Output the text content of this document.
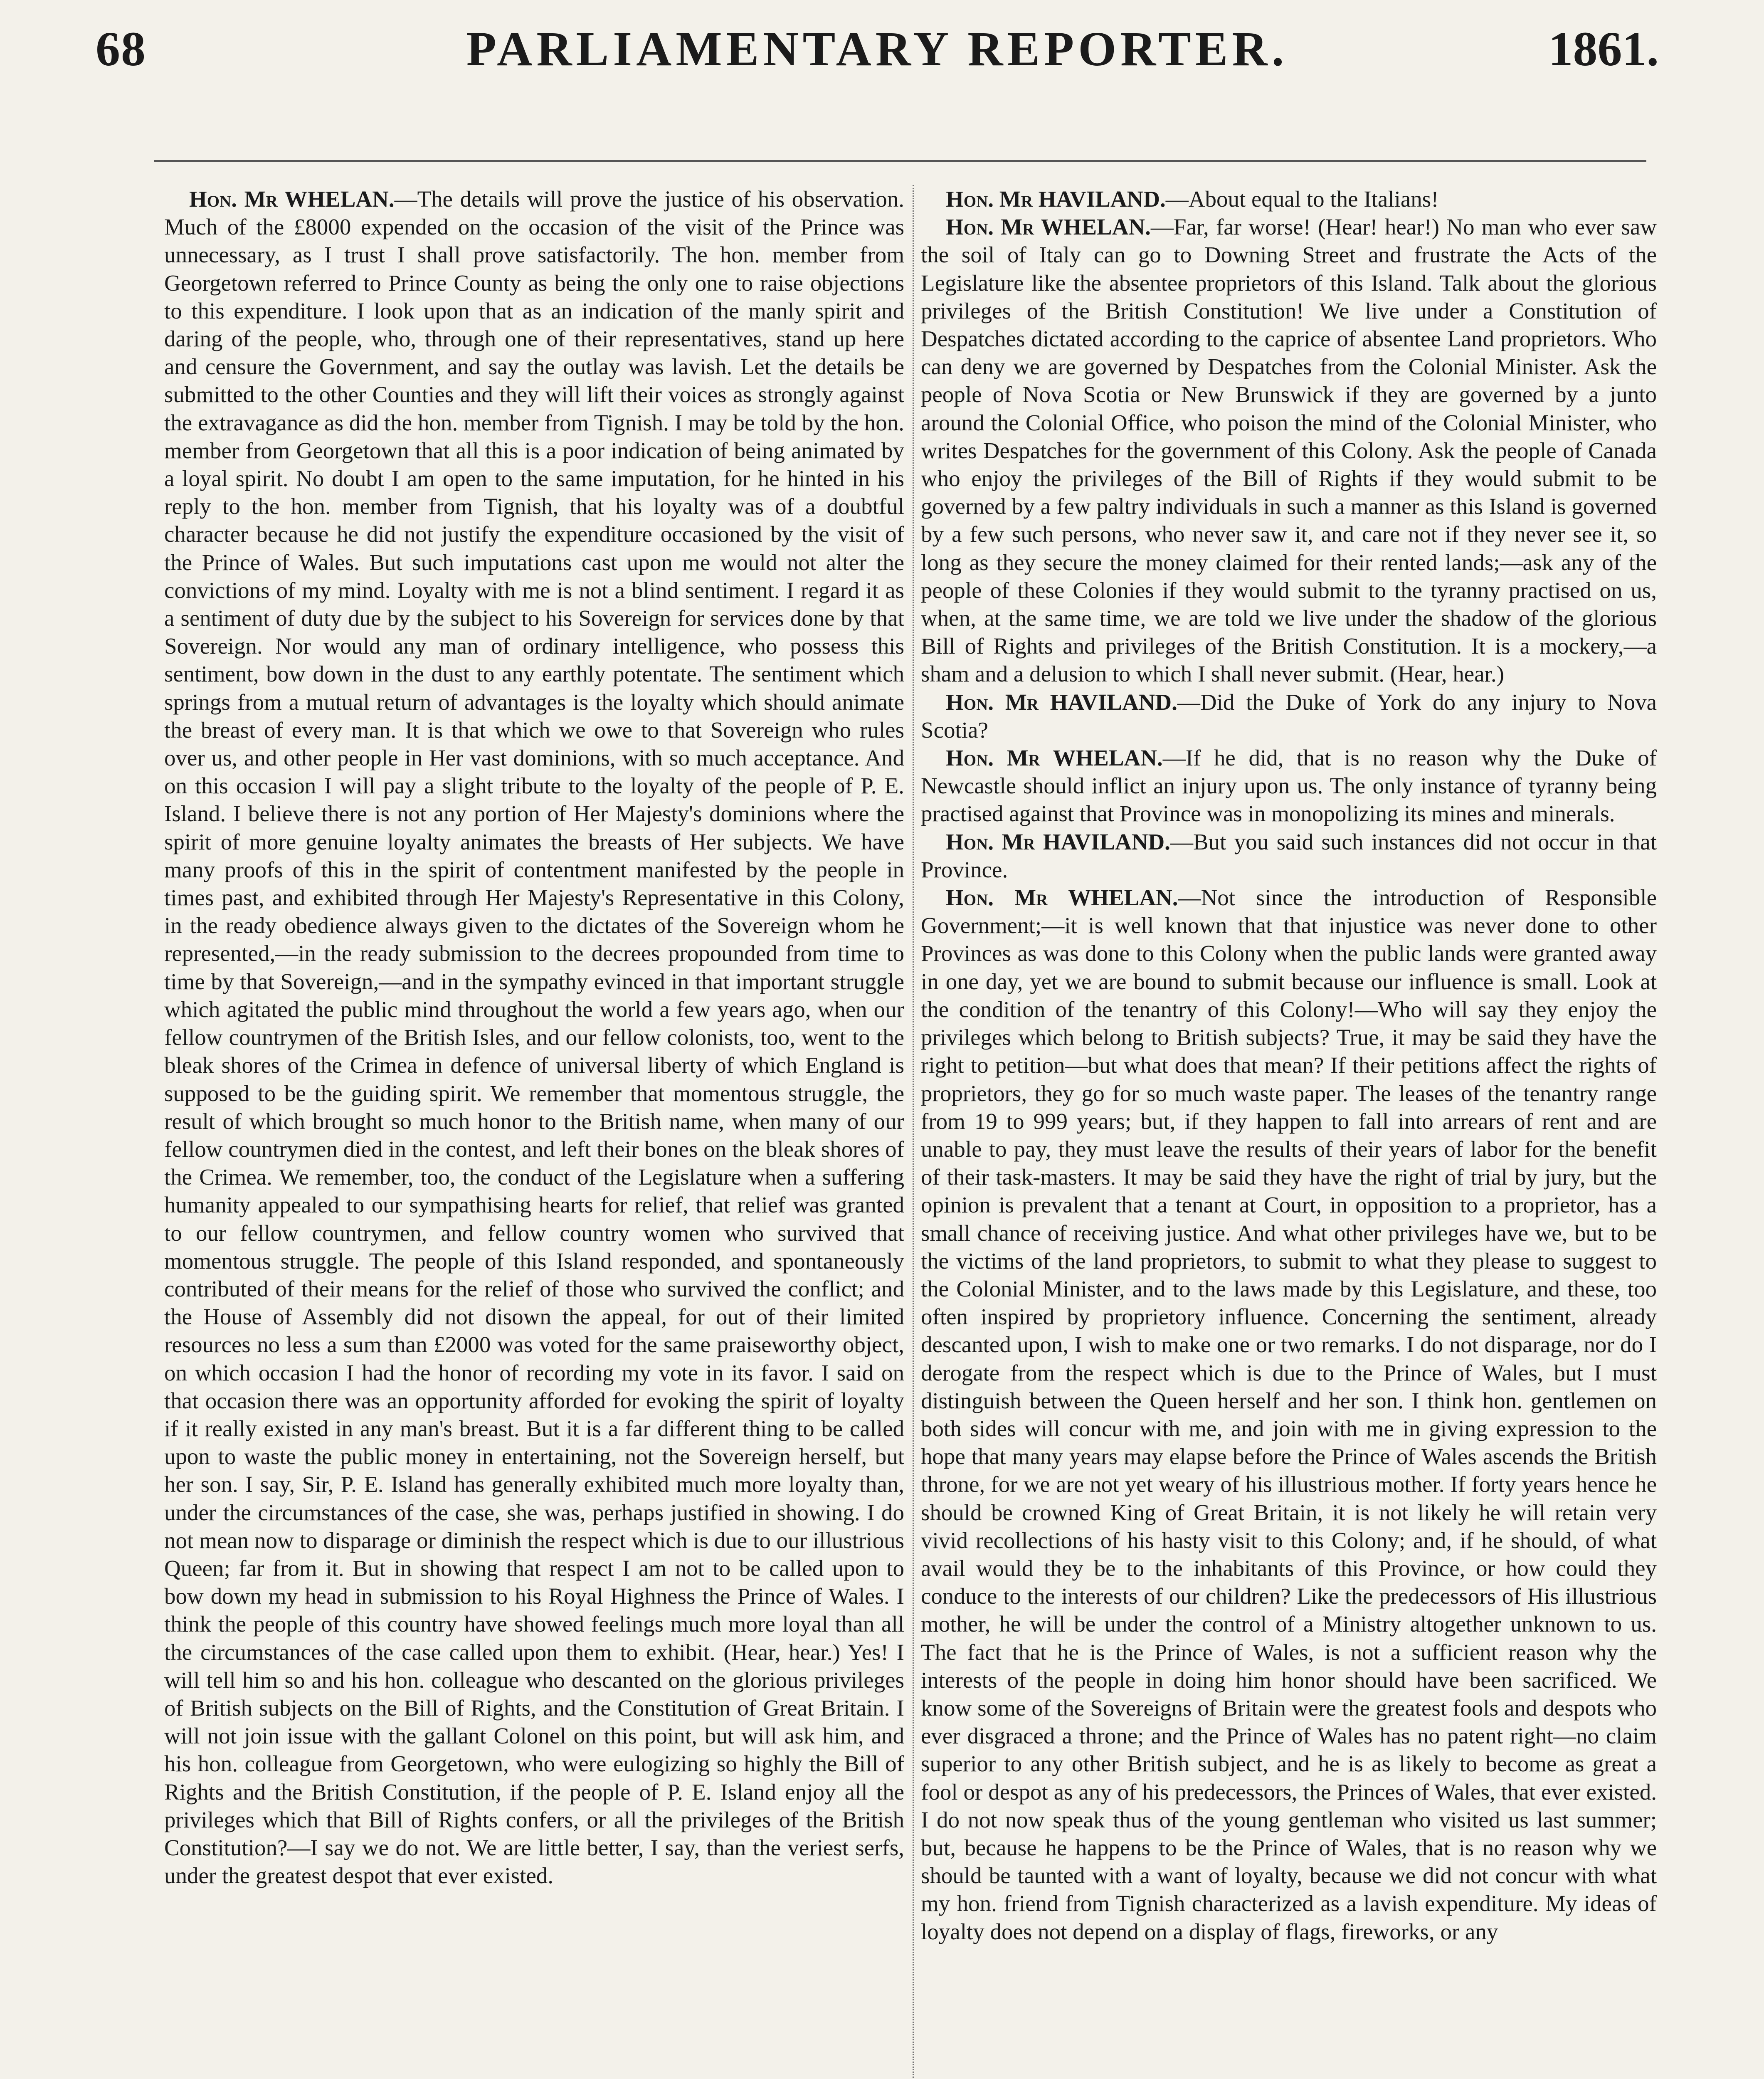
68	PARLIAMENTARY REPORTER.	1861.

Hon. Mr WHELAN.—The details will prove the justice of his observation. Much of the £8000 expended on the occasion of the visit of the Prince was unnecessary, as I trust I shall prove satisfactorily. The hon. member from Georgetown referred to Prince County as being the only one to raise objections to this expenditure. I look upon that as an indication of the manly spirit and daring of the people, who, through one of their representatives, stand up here and censure the Government, and say the outlay was lavish. Let the details be submitted to the other Counties and they will lift their voices as strongly against the extravagance as did the hon. member from Tignish. I may be told by the hon. member from Georgetown that all this is a poor indication of being animated by a loyal spirit. No doubt I am open to the same imputation, for he hinted in his reply to the hon. member from Tignish, that his loyalty was of a doubtful character because he did not justify the expenditure occasioned by the visit of the Prince of Wales. But such imputations cast upon me would not alter the convictions of my mind. Loyalty with me is not a blind sentiment. I regard it as a sentiment of duty due by the subject to his Sovereign for services done by that Sovereign. Nor would any man of ordinary intelligence, who possess this sentiment, bow down in the dust to any earthly potentate. The sentiment which springs from a mutual return of advantages is the loyalty which should animate the breast of every man. It is that which we owe to that Sovereign who rules over us, and other people in Her vast dominions, with so much acceptance. And on this occasion I will pay a slight tribute to the loyalty of the people of P. E. Island. I believe there is not any portion of Her Majesty's dominions where the spirit of more genuine loyalty animates the breasts of Her subjects. We have many proofs of this in the spirit of contentment manifested by the people in times past, and exhibited through Her Majesty's Representative in this Colony, in the ready obedience always given to the dictates of the Sovereign whom he represented,—in the ready submission to the decrees propounded from time to time by that Sovereign,—and in the sympathy evinced in that important struggle which agitated the public mind throughout the world a few years ago, when our fellow countrymen of the British Isles, and our fellow colonists, too, went to the bleak shores of the Crimea in defence of universal liberty of which England is supposed to be the guiding spirit. We remember that momentous struggle, the result of which brought so much honor to the British name, when many of our fellow countrymen died in the contest, and left their bones on the bleak shores of the Crimea. We remember, too, the conduct of the Legislature when a suffering humanity appealed to our sympathising hearts for relief, that relief was granted to our fellow countrymen, and fellow country women who survived that momentous struggle. The people of this Island responded, and spontaneously contributed of their means for the relief of those who survived the conflict; and the House of Assembly did not disown the appeal, for out of their limited resources no less a sum than £2000 was voted for the same praiseworthy object, on which occasion I had the honor of recording my vote in its favor. I said on that occasion there was an opportunity afforded for evoking the spirit of loyalty if it really existed in any man's breast. But it is a far different thing to be called upon to waste the public money in entertaining, not the Sovereign herself, but her son. I say, Sir, P. E. Island has generally exhibited much more loyalty than, under the circumstances of the case, she was, perhaps justified in showing. I do not mean now to disparage or diminish the respect which is due to our illustrious Queen; far from it. But in showing that respect I am not to be called upon to bow down my head in submission to his Royal Highness the Prince of Wales. I think the people of this country have showed feelings much more loyal than all the circumstances of the case called upon them to exhibit. (Hear, hear.) Yes! I will tell him so and his hon. colleague who descanted on the glorious privileges of British subjects on the Bill of Rights, and the Constitution of Great Britain. I will not join issue with the gallant Colonel on this point, but will ask him, and his hon. colleague from Georgetown, who were eulogizing so highly the Bill of Rights and the British Constitution, if the people of P. E. Island enjoy all the privileges which that Bill of Rights confers, or all the privileges of the British Constitution?—I say we do not. We are little better, I say, than the veriest serfs, under the greatest despot that ever existed.

Hon. Mr HAVILAND.—About equal to the Italians!

Hon. Mr WHELAN.—Far, far worse! (Hear! hear!) No man who ever saw the soil of Italy can go to Downing Street and frustrate the Acts of the Legislature like the absentee proprietors of this Island. Talk about the glorious privileges of the British Constitution! We live under a Constitution of Despatches dictated according to the caprice of absentee Land proprietors. Who can deny we are governed by Despatches from the Colonial Minister. Ask the people of Nova Scotia or New Brunswick if they are governed by a junto around the Colonial Office, who poison the mind of the Colonial Minister, who writes Despatches for the government of this Colony. Ask the people of Canada who enjoy the privileges of the Bill of Rights if they would submit to be governed by a few paltry individuals in such a manner as this Island is governed by a few such persons, who never saw it, and care not if they never see it, so long as they secure the money claimed for their rented lands;—ask any of the people of these Colonies if they would submit to the tyranny practised on us, when, at the same time, we are told we live under the shadow of the glorious Bill of Rights and privileges of the British Constitution. It is a mockery,—a sham and a delusion to which I shall never submit. (Hear, hear.)

Hon. Mr HAVILAND.—Did the Duke of York do any injury to Nova Scotia?

Hon. Mr WHELAN.—If he did, that is no reason why the Duke of Newcastle should inflict an injury upon us. The only instance of tyranny being practised against that Province was in monopolizing its mines and minerals.

Hon. Mr HAVILAND.—But you said such instances did not occur in that Province.

Hon. Mr WHELAN.—Not since the introduction of Responsible Government;—it is well known that that injustice was never done to other Provinces as was done to this Colony when the public lands were granted away in one day, yet we are bound to submit because our influence is small. Look at the condition of the tenantry of this Colony!—Who will say they enjoy the privileges which belong to British subjects? True, it may be said they have the right to petition—but what does that mean? If their petitions affect the rights of proprietors, they go for so much waste paper. The leases of the tenantry range from 19 to 999 years; but, if they happen to fall into arrears of rent and are unable to pay, they must leave the results of their years of labor for the benefit of their task-masters. It may be said they have the right of trial by jury, but the opinion is prevalent that a tenant at Court, in opposition to a proprietor, has a small chance of receiving justice. And what other privileges have we, but to be the victims of the land proprietors, to submit to what they please to suggest to the Colonial Minister, and to the laws made by this Legislature, and these, too often inspired by proprietory influence. Concerning the sentiment, already descanted upon, I wish to make one or two remarks. I do not disparage, nor do I derogate from the respect which is due to the Prince of Wales, but I must distinguish between the Queen herself and her son. I think hon. gentlemen on both sides will concur with me, and join with me in giving expression to the hope that many years may elapse before the Prince of Wales ascends the British throne, for we are not yet weary of his illustrious mother. If forty years hence he should be crowned King of Great Britain, it is not likely he will retain very vivid recollections of his hasty visit to this Colony; and, if he should, of what avail would they be to the inhabitants of this Province, or how could they conduce to the interests of our children? Like the predecessors of His illustrious mother, he will be under the control of a Ministry altogether unknown to us. The fact that he is the Prince of Wales, is not a sufficient reason why the interests of the people in doing him honor should have been sacrificed. We know some of the Sovereigns of Britain were the greatest fools and despots who ever disgraced a throne; and the Prince of Wales has no patent right—no claim superior to any other British subject, and he is as likely to become as great a fool or despot as any of his predecessors, the Princes of Wales, that ever existed. I do not now speak thus of the young gentleman who visited us last summer; but, because he happens to be the Prince of Wales, that is no reason why we should be taunted with a want of loyalty, because we did not concur with what my hon. friend from Tignish characterized as a lavish expenditure. My ideas of loyalty does not depend on a display of flags, fireworks, or any
